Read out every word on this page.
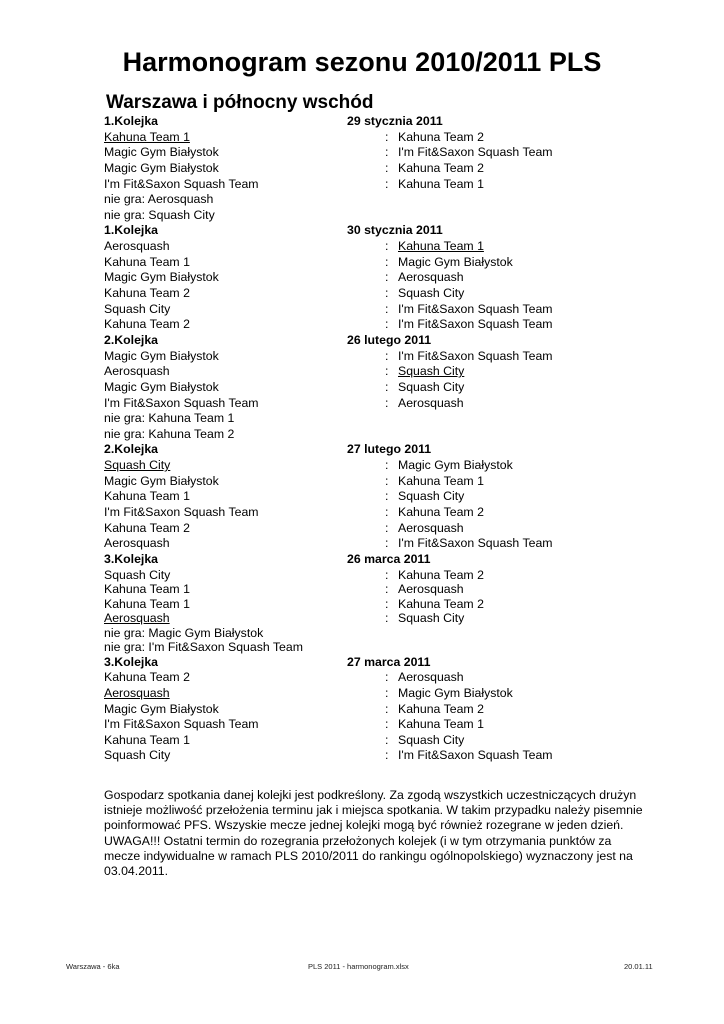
Harmonogram sezonu 2010/2011 PLS
Warszawa i północny wschód
1.Kolejka	29 stycznia 2011
Kahuna Team 1	: Kahuna Team 2
Magic Gym Białystok	: I'm Fit&Saxon Squash Team
Magic Gym Białystok	: Kahuna Team 2
I'm Fit&Saxon Squash Team	: Kahuna Team 1
nie gra: Aerosquash
nie gra: Squash City
1.Kolejka	30 stycznia 2011
Aerosquash	: Kahuna Team 1
Kahuna Team 1	: Magic Gym Białystok
Magic Gym Białystok	: Aerosquash
Kahuna Team 2	: Squash City
Squash City	: I'm Fit&Saxon Squash Team
Kahuna Team 2	: I'm Fit&Saxon Squash Team
2.Kolejka	26 lutego 2011
Magic Gym Białystok	: I'm Fit&Saxon Squash Team
Aerosquash	: Squash City
Magic Gym Białystok	: Squash City
I'm Fit&Saxon Squash Team	: Aerosquash
nie gra: Kahuna Team 1
nie gra: Kahuna Team 2
2.Kolejka	27 lutego 2011
Squash City	: Magic Gym Białystok
Magic Gym Białystok	: Kahuna Team 1
Kahuna Team 1	: Squash City
I'm Fit&Saxon Squash Team	: Kahuna Team 2
Kahuna Team 2	: Aerosquash
Aerosquash	: I'm Fit&Saxon Squash Team
3.Kolejka	26 marca 2011
Squash City	: Kahuna Team 2
Kahuna Team 1	: Aerosquash
Kahuna Team 1	: Kahuna Team 2
Aerosquash	: Squash City
nie gra: Magic Gym Białystok
nie gra: I'm Fit&Saxon Squash Team
3.Kolejka	27 marca 2011
Kahuna Team 2	: Aerosquash
Aerosquash	: Magic Gym Białystok
Magic Gym Białystok	: Kahuna Team 2
I'm Fit&Saxon Squash Team	: Kahuna Team 1
Kahuna Team 1	: Squash City
Squash City	: I'm Fit&Saxon Squash Team
Gospodarz spotkania danej kolejki jest podkreślony. Za zgodą wszystkich uczestniczących drużyn istnieje możliwość przełożenia terminu jak i miejsca spotkania. W takim przypadku należy pisemnie poinformować PFS. Wszyskie mecze jednej kolejki mogą być również rozegrane w jeden dzień. UWAGA!!! Ostatni termin do rozegrania przełożonych kolejek (i w tym otrzymania punktów za mecze indywidualne w ramach PLS 2010/2011 do rankingu ogólnopolskiego) wyznaczony jest na 03.04.2011.
Warszawa - 6ka	PLS 2011 - harmonogram.xlsx	20.01.11
